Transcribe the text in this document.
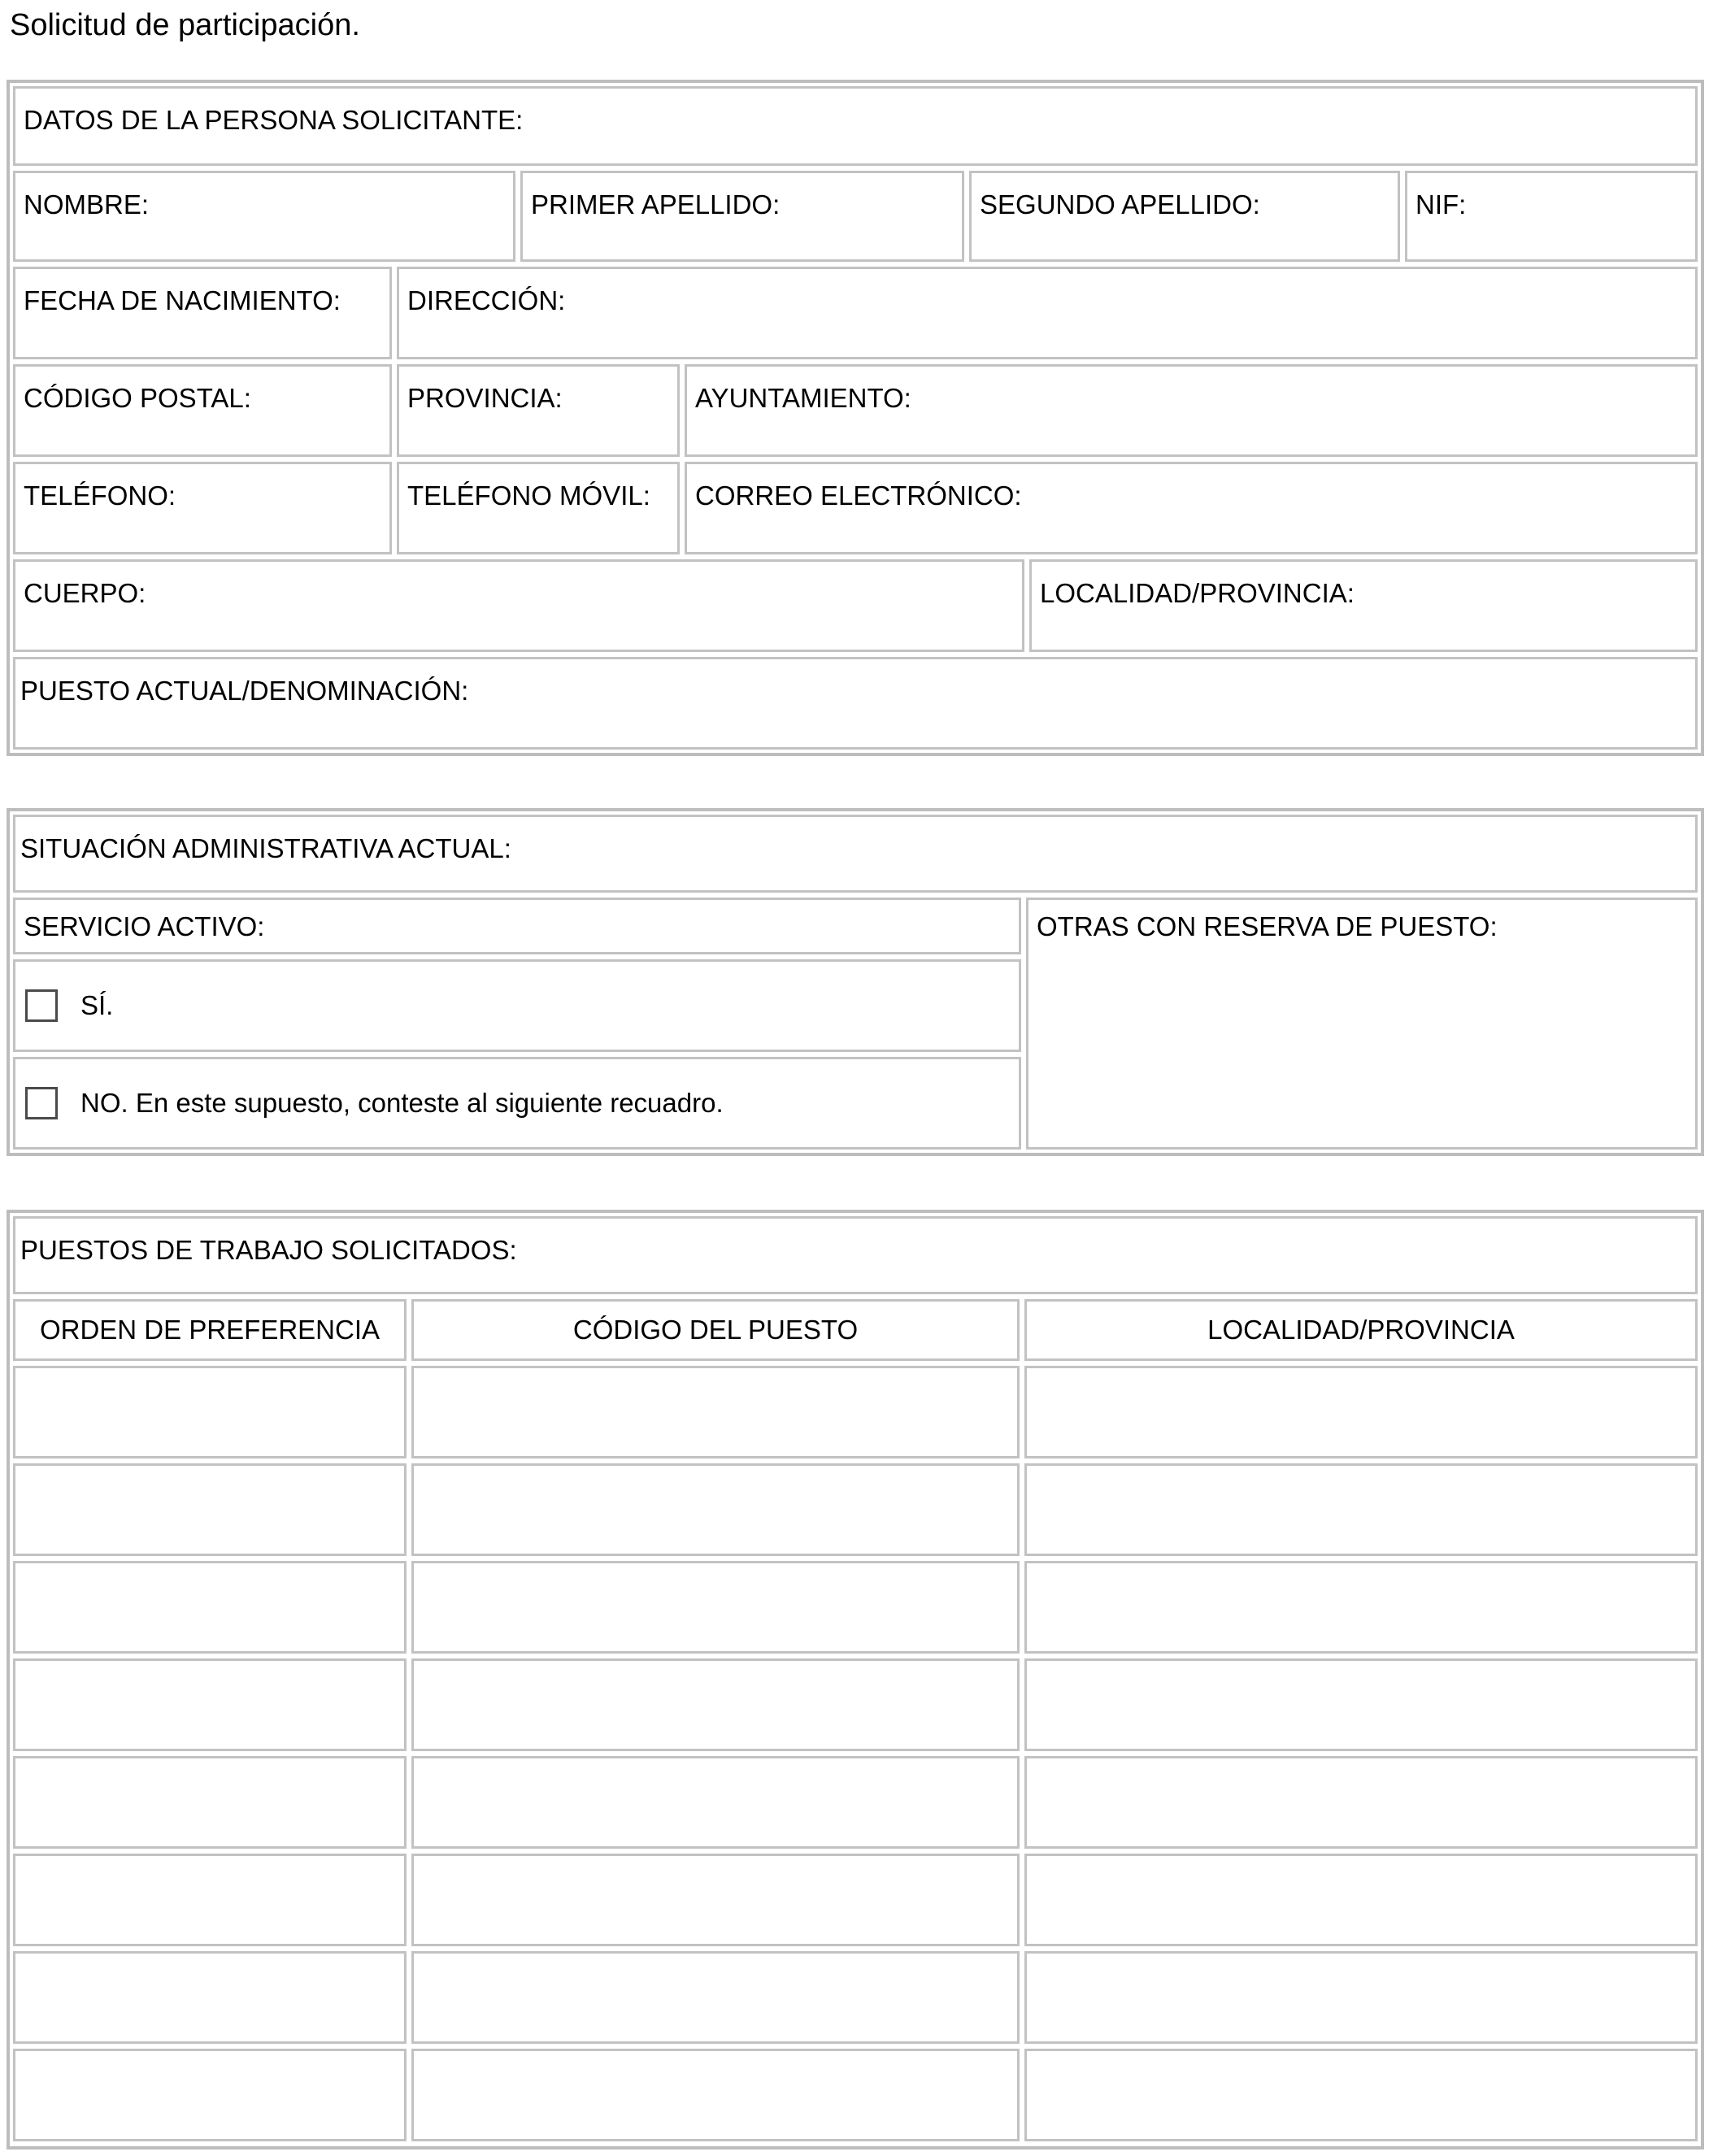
Solicitud de participación.
DATOS DE LA PERSONA SOLICITANTE:
NOMBRE:	PRIMER APELLIDO:	SEGUNDO APELLIDO:	NIF:
FECHA DE NACIMIENTO: DIRECCIÓN:
CÓDIGO POSTAL:	PROVINCIA:	AYUNTAMIENTO:
TELÉFONO:	TELÉFONO MÓVIL: CORREO ELECTRÓNICO:
CUERPO:	LOCALIDAD/PROVINCIA:
PUESTO ACTUAL/DENOMINACIÓN:
SITUACIÓN ADMINISTRATIVA ACTUAL:
SERVICIO ACTIVO:
SÍ.
NO. En este supuesto, conteste al siguiente recuadro.
OTRAS CON RESERVA DE PUESTO:
PUESTOS DE TRABAJO SOLICITADOS:
ORDEN DE PREFERENCIA	CÓDIGO DEL PUESTO	LOCALIDAD/PROVINCIA
